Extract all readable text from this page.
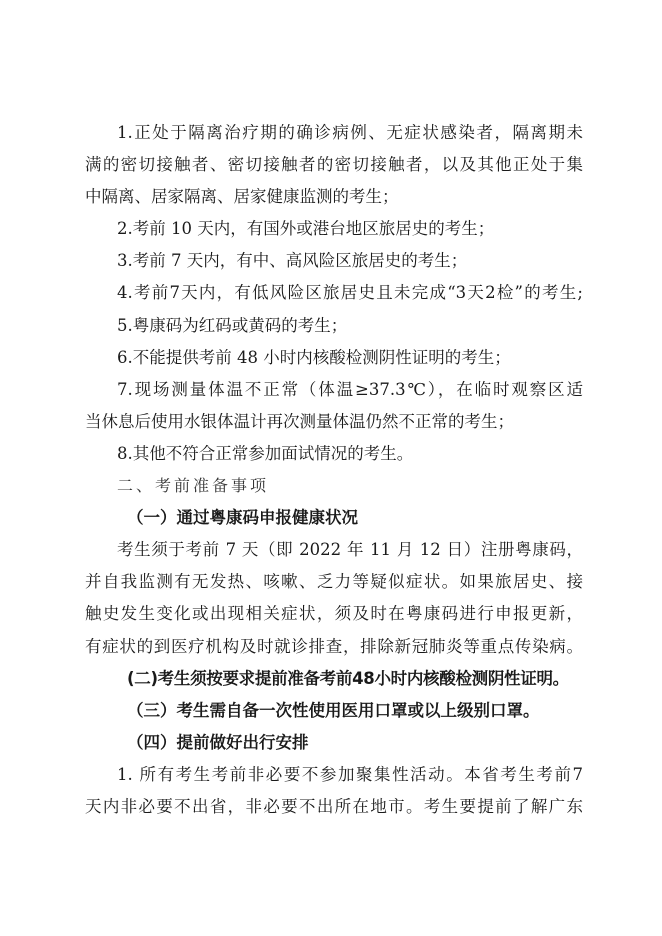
1.正处于隔离治疗期的确诊病例、无症状感染者，隔离期未
满的密切接触者、密切接触者的密切接触者，以及其他正处于集
中隔离、居家隔离、居家健康监测的考生；
2.考前 10 天内，有国外或港台地区旅居史的考生；
3.考前 7 天内，有中、高风险区旅居史的考生；
4.考前7天内，有低风险区旅居史且未完成“3天2检”的考生;
5.粤康码为红码或黄码的考生；
6.不能提供考前 48 小时内核酸检测阴性证明的考生；
7.现场测量体温不正常（体温≥37.3℃），在临时观察区适
当休息后使用水银体温计再次测量体温仍然不正常的考生；
8.其他不符合正常参加面试情况的考生。
二、考前准备事项
（一）通过粤康码申报健康状况
考生须于考前 7 天（即 2022 年 11 月 12 日）注册粤康码，
并自我监测有无发热、咳嗽、乏力等疑似症状。如果旅居史、接
触史发生变化或出现相关症状，须及时在粤康码进行申报更新，
有症状的到医疗机构及时就诊排查，排除新冠肺炎等重点传染病。
(二)考生须按要求提前准备考前48小时内核酸检测阴性证明。
（三）考生需自备一次性使用医用口罩或以上级别口罩。
（四）提前做好出行安排
1. 所有考生考前非必要不参加聚集性活动。本省考生考前7
天内非必要不出省，非必要不出所在地市。考生要提前了解广东
